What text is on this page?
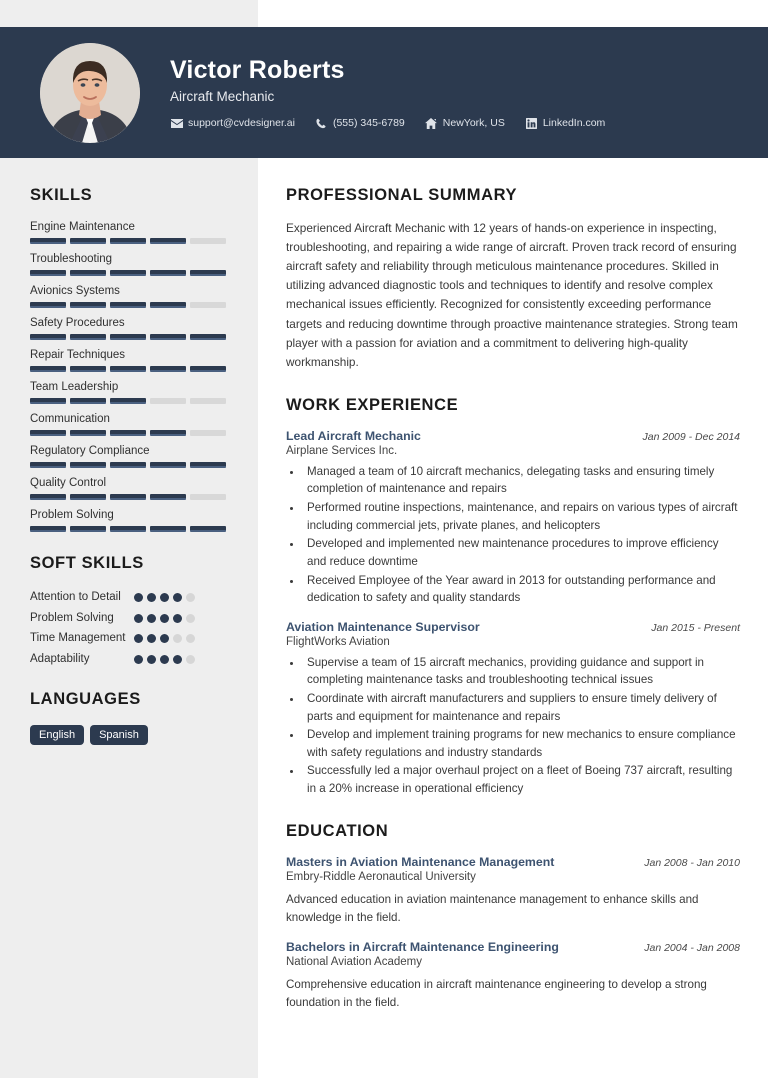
Victor Roberts
Aircraft Mechanic
support@cvdesigner.ai	(555) 345-6789	NewYork, US	LinkedIn.com
SKILLS
Engine Maintenance
Troubleshooting
Avionics Systems
Safety Procedures
Repair Techniques
Team Leadership
Communication
Regulatory Compliance
Quality Control
Problem Solving
SOFT SKILLS
Attention to Detail
Problem Solving
Time Management
Adaptability
LANGUAGES
English	Spanish
PROFESSIONAL SUMMARY
Experienced Aircraft Mechanic with 12 years of hands-on experience in inspecting, troubleshooting, and repairing a wide range of aircraft. Proven track record of ensuring aircraft safety and reliability through meticulous maintenance procedures. Skilled in utilizing advanced diagnostic tools and techniques to identify and resolve complex mechanical issues efficiently. Recognized for consistently exceeding performance targets and reducing downtime through proactive maintenance strategies. Strong team player with a passion for aviation and a commitment to delivering high-quality workmanship.
WORK EXPERIENCE
Lead Aircraft Mechanic	Jan 2009 - Dec 2014
Airplane Services Inc.
• Managed a team of 10 aircraft mechanics, delegating tasks and ensuring timely completion of maintenance and repairs
• Performed routine inspections, maintenance, and repairs on various types of aircraft including commercial jets, private planes, and helicopters
• Developed and implemented new maintenance procedures to improve efficiency and reduce downtime
• Received Employee of the Year award in 2013 for outstanding performance and dedication to safety and quality standards
Aviation Maintenance Supervisor	Jan 2015 - Present
FlightWorks Aviation
• Supervise a team of 15 aircraft mechanics, providing guidance and support in completing maintenance tasks and troubleshooting technical issues
• Coordinate with aircraft manufacturers and suppliers to ensure timely delivery of parts and equipment for maintenance and repairs
• Develop and implement training programs for new mechanics to ensure compliance with safety regulations and industry standards
• Successfully led a major overhaul project on a fleet of Boeing 737 aircraft, resulting in a 20% increase in operational efficiency
EDUCATION
Masters in Aviation Maintenance Management	Jan 2008 - Jan 2010
Embry-Riddle Aeronautical University
Advanced education in aviation maintenance management to enhance skills and knowledge in the field.
Bachelors in Aircraft Maintenance Engineering	Jan 2004 - Jan 2008
National Aviation Academy
Comprehensive education in aircraft maintenance engineering to develop a strong foundation in the field.
